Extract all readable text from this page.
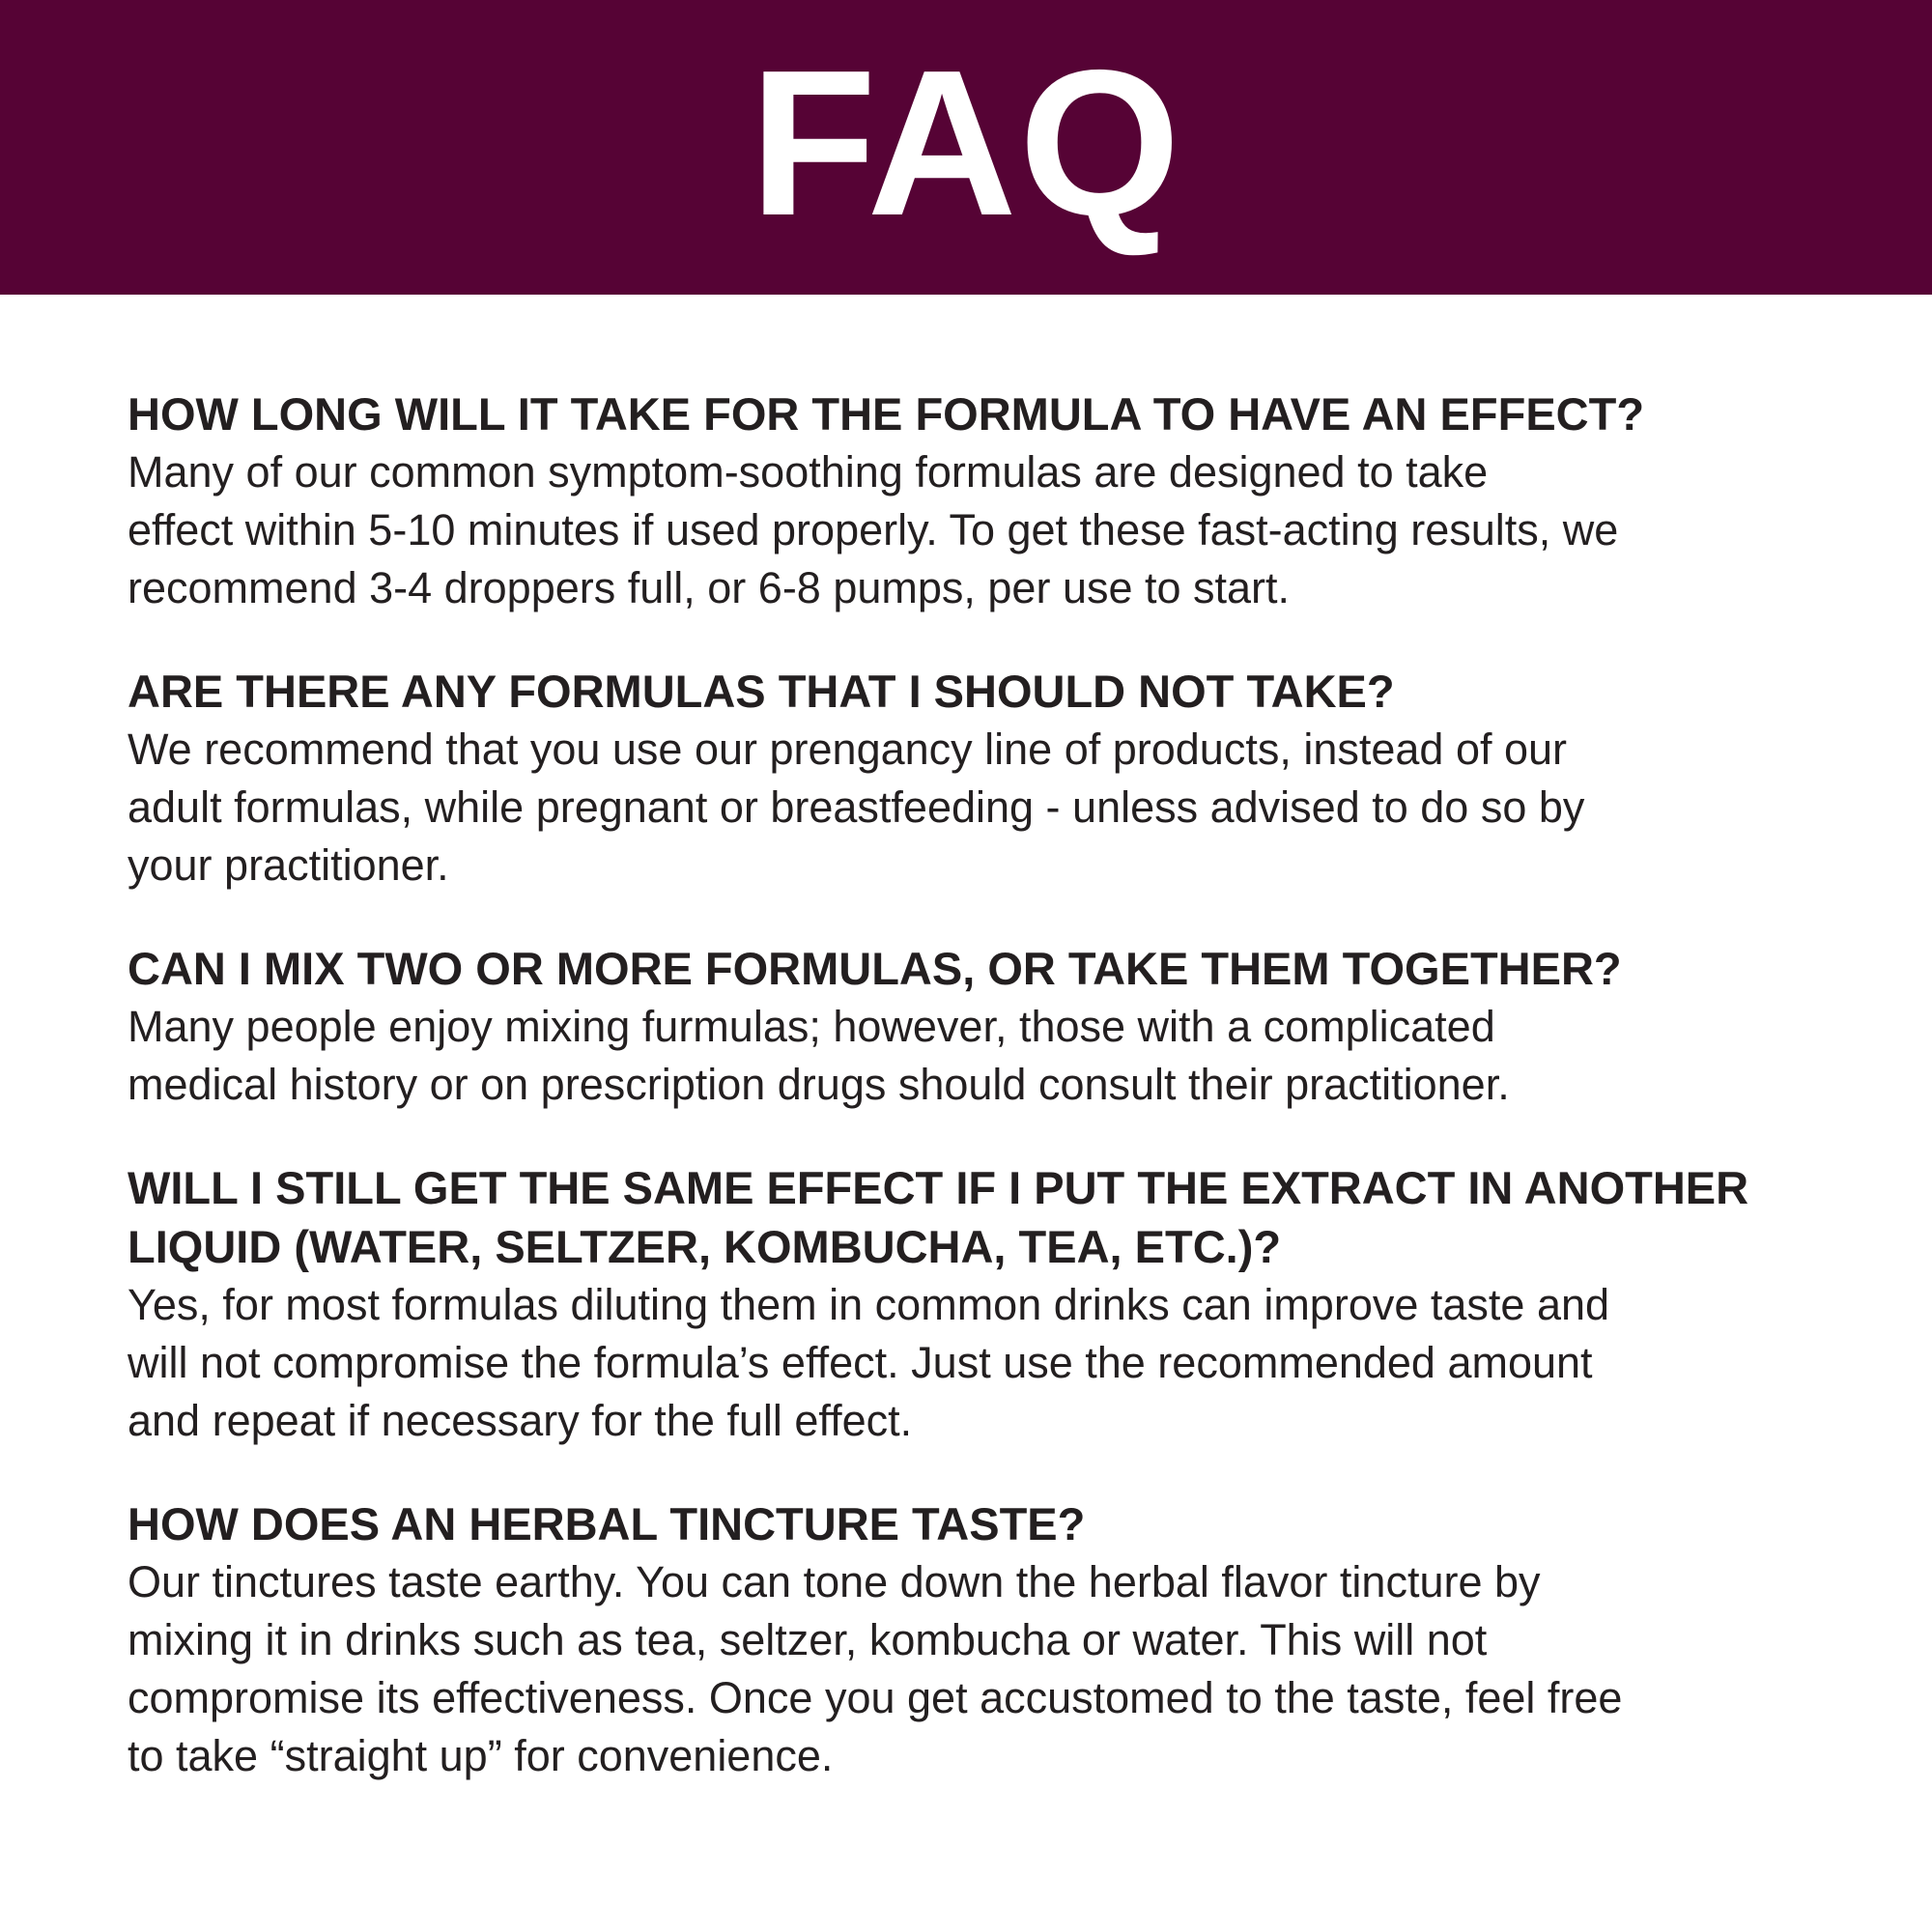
FAQ

HOW LONG WILL IT TAKE FOR THE FORMULA TO HAVE AN EFFECT?

Many of our common symptom-soothing formulas are designed to take
effect within 5-10 minutes if used properly. To get these fast-acting results, we
recommend 3-4 droppers full, or 6-8 pumps, per use to start.

ARE THERE ANY FORMULAS THAT I SHOULD NOT TAKE?

We recommend that you use our prengancy line of products, instead of our
adult formulas, while pregnant or breastfeeding - unless advised to do so by
your practitioner.

CAN I MIX TWO OR MORE FORMULAS, OR TAKE THEM TOGETHER?

Many people enjoy mixing furmulas; however, those with a complicated
medical history or on prescription drugs should consult their practitioner.

WILL I STILL GET THE SAME EFFECT IF I PUT THE EXTRACT IN ANOTHER
LIQUID (WATER, SELTZER, KOMBUCHA, TEA, ETC.)?

Yes, for most formulas diluting them in common drinks can improve taste and
will not compromise the formula’s effect. Just use the recommended amount
and repeat if necessary for the full effect.

HOW DOES AN HERBAL TINCTURE TASTE?

Our tinctures taste earthy. You can tone down the herbal flavor tincture by
mixing it in drinks such as tea, seltzer, kombucha or water. This will not
compromise its effectiveness. Once you get accustomed to the taste, feel free
to take “straight up” for convenience.
